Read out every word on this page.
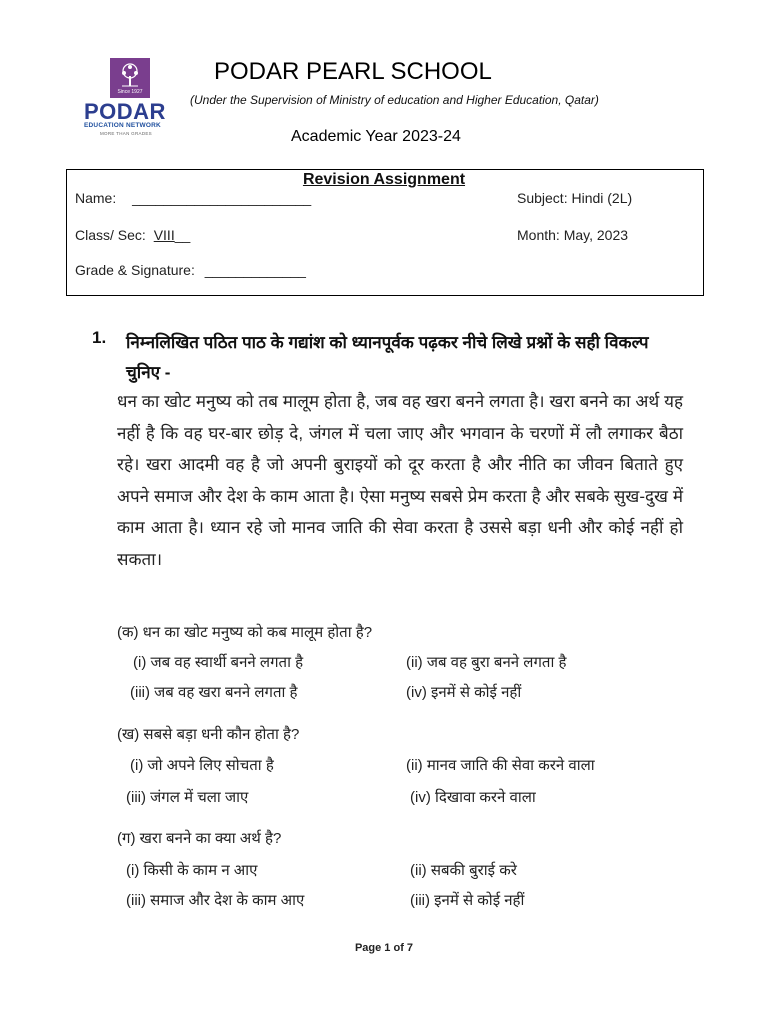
Since 1927
PODAR
EDUCATION NETWORK
MORE THAN GRADES
PODAR PEARL SCHOOL
(Under the Supervision of Ministry of education and Higher Education, Qatar)
Academic Year 2023-24
Revision Assignment
Name: _______________________	Subject: Hindi (2L)
Class/ Sec: VIII__	Month: May, 2023
Grade & Signature: _____________
1. निम्नलिखित पठित पाठ के गद्यांश को ध्यानपूर्वक पढ़कर नीचे लिखे प्रश्नों के सही विकल्प चुनिए -
धन का खोट मनुष्य को तब मालूम होता है, जब वह खरा बनने लगता है। खरा बनने का अर्थ यह नहीं है कि वह घर-बार छोड़ दे, जंगल में चला जाए और भगवान के चरणों में लौ लगाकर बैठा रहे। खरा आदमी वह है जो अपनी बुराइयों को दूर करता है और नीति का जीवन बिताते हुए अपने समाज और देश के काम आता है। ऐसा मनुष्य सबसे प्रेम करता है और सबके सुख-दुख में काम आता है। ध्यान रहे जो मानव जाति की सेवा करता है उससे बड़ा धनी और कोई नहीं हो सकता।
(क) धन का खोट मनुष्य को कब मालूम होता है?
(i) जब वह स्वार्थी बनने लगता है	(ii) जब वह बुरा बनने लगता है
(iii) जब वह खरा बनने लगता है	(iv) इनमें से कोई नहीं
(ख) सबसे बड़ा धनी कौन होता है?
(i) जो अपने लिए सोचता है	(ii) मानव जाति की सेवा करने वाला
(iii) जंगल में चला जाए	(iv) दिखावा करने वाला
(ग) खरा बनने का क्या अर्थ है?
(i) किसी के काम न आए	(ii) सबकी बुराई करे
(iii) समाज और देश के काम आए	(iii) इनमें से कोई नहीं
Page 1 of 7
